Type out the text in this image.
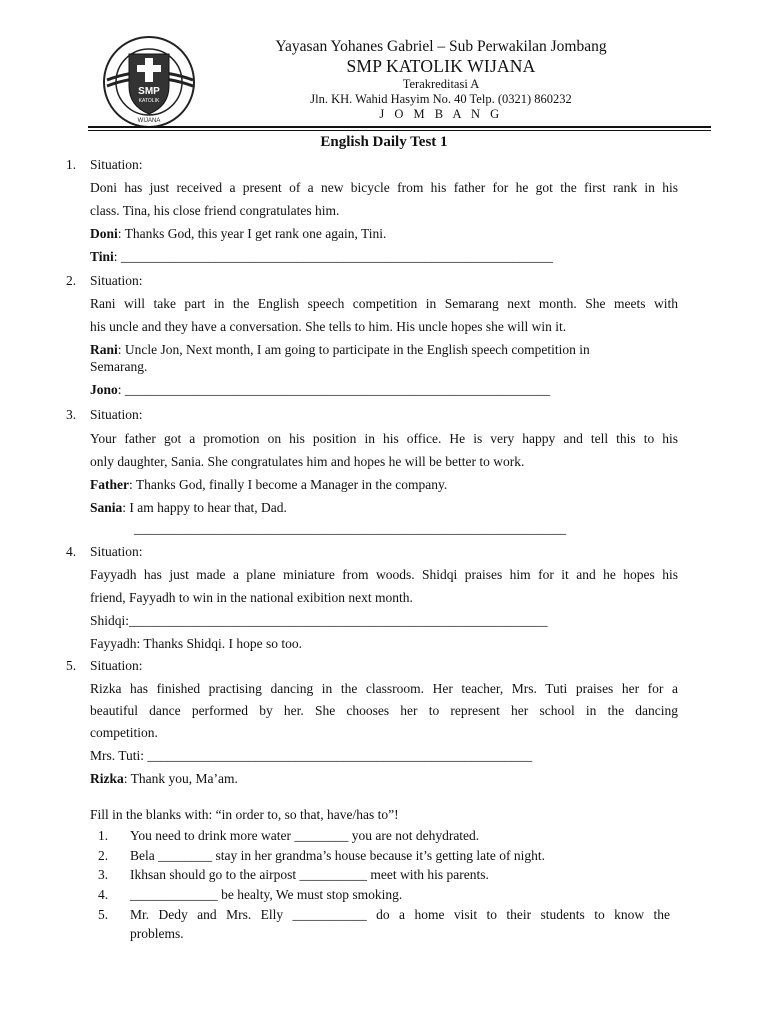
SMP
KATOLIK
WIJANA
Yayasan Yohanes Gabriel – Sub Perwakilan Jombang
SMP KATOLIK WIJANA
Terakreditasi A
Jln. KH. Wahid Hasyim No. 40 Telp. (0321) 860232
J O M B A N G
English Daily Test 1
1. Situation:
Doni has just received a present of a new bicycle from his father for he got the first rank in his
class. Tina, his close friend congratulates him.
Doni: Thanks God, this year I get rank one again, Tini.
Tini: ________________________________________________________________
2. Situation:
Rani will take part in the English speech competition in Semarang next month. She meets with
his uncle and they have a conversation. She tells to him. His uncle hopes she will win it.
Rani: Uncle Jon, Next month, I am going to participate in the English speech competition in
Semarang.
Jono: _______________________________________________________________
3. Situation:
Your father got a promotion on his position in his office. He is very happy and tell this to his
only daughter, Sania. She congratulates him and hopes he will be better to work.
Father: Thanks God, finally I become a Manager in the company.
Sania: I am happy to hear that, Dad.
________________________________________________________________
4. Situation:
Fayyadh has just made a plane miniature from woods. Shidqi praises him for it and he hopes his
friend, Fayyadh to win in the national exibition next month.
Shidqi:______________________________________________________________
Fayyadh: Thanks Shidqi. I hope so too.
5. Situation:
Rizka has finished practising dancing in the classroom. Her teacher, Mrs. Tuti praises her for a
beautiful dance performed by her. She chooses her to represent her school in the dancing
competition.
Mrs. Tuti: _________________________________________________________
Rizka: Thank you, Ma’am.
Fill in the blanks with: “in order to, so that, have/has to”!
1. You need to drink more water ________ you are not dehydrated.
2. Bela ________ stay in her grandma’s house because it’s getting late of night.
3. Ikhsan should go to the airpost __________ meet with his parents.
4. _____________ be healty, We must stop smoking.
5. Mr. Dedy and Mrs. Elly ___________ do a home visit to their students to know the
problems.
